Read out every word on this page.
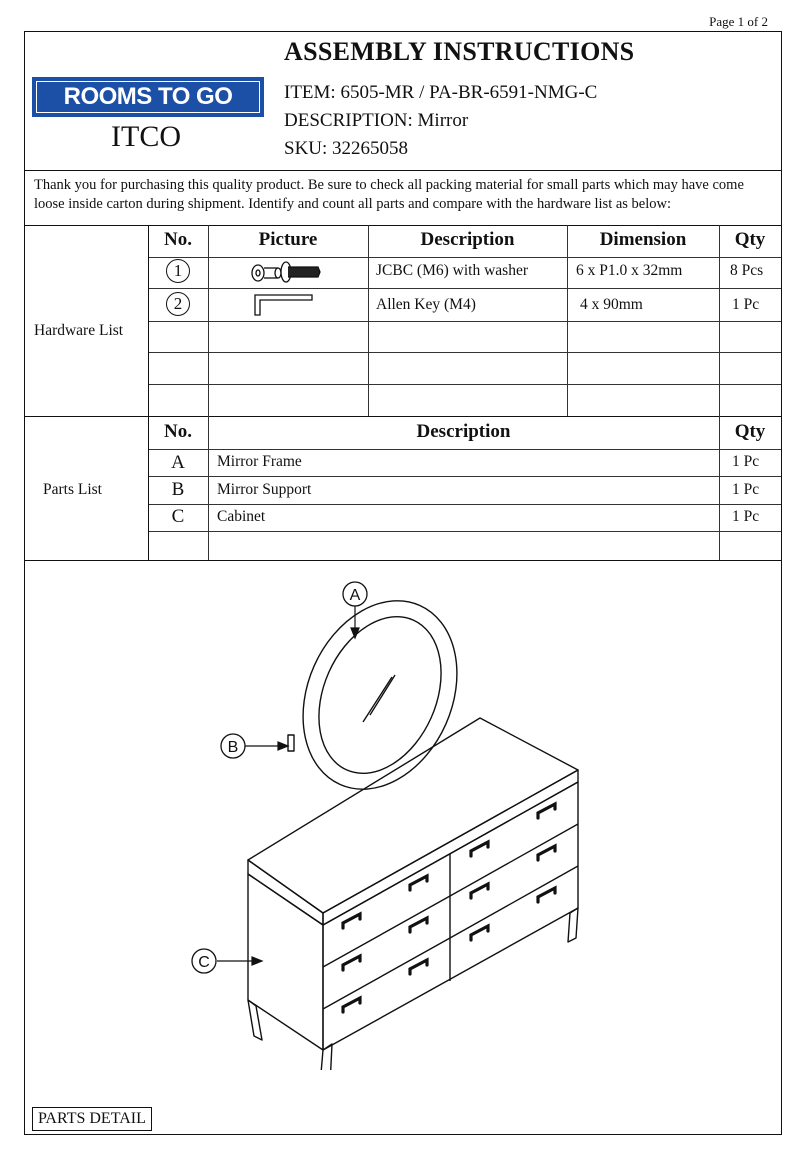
Page 1 of 2
ROOMS TO GO
ITCO
ASSEMBLY INSTRUCTIONS
ITEM: 6505-MR / PA-BR-6591-NMG-C
DESCRIPTION: Mirror
SKU: 32265058
Thank you for purchasing this quality product. Be sure to check all packing material for small parts which may have come loose inside carton during shipment. Identify and count all parts and compare with the hardware list as below:
Hardware List
No.	Picture	Description	Dimension	Qty
1	JCBC (M6) with washer	6 x P1.0 x 32mm	8 Pcs
2	Allen Key (M4)	4 x 90mm	1 Pc
Parts List
No.	Description	Qty
A	Mirror Frame	1 Pc
B	Mirror Support	1 Pc
C	Cabinet	1 Pc
A
B
C
PARTS DETAIL
